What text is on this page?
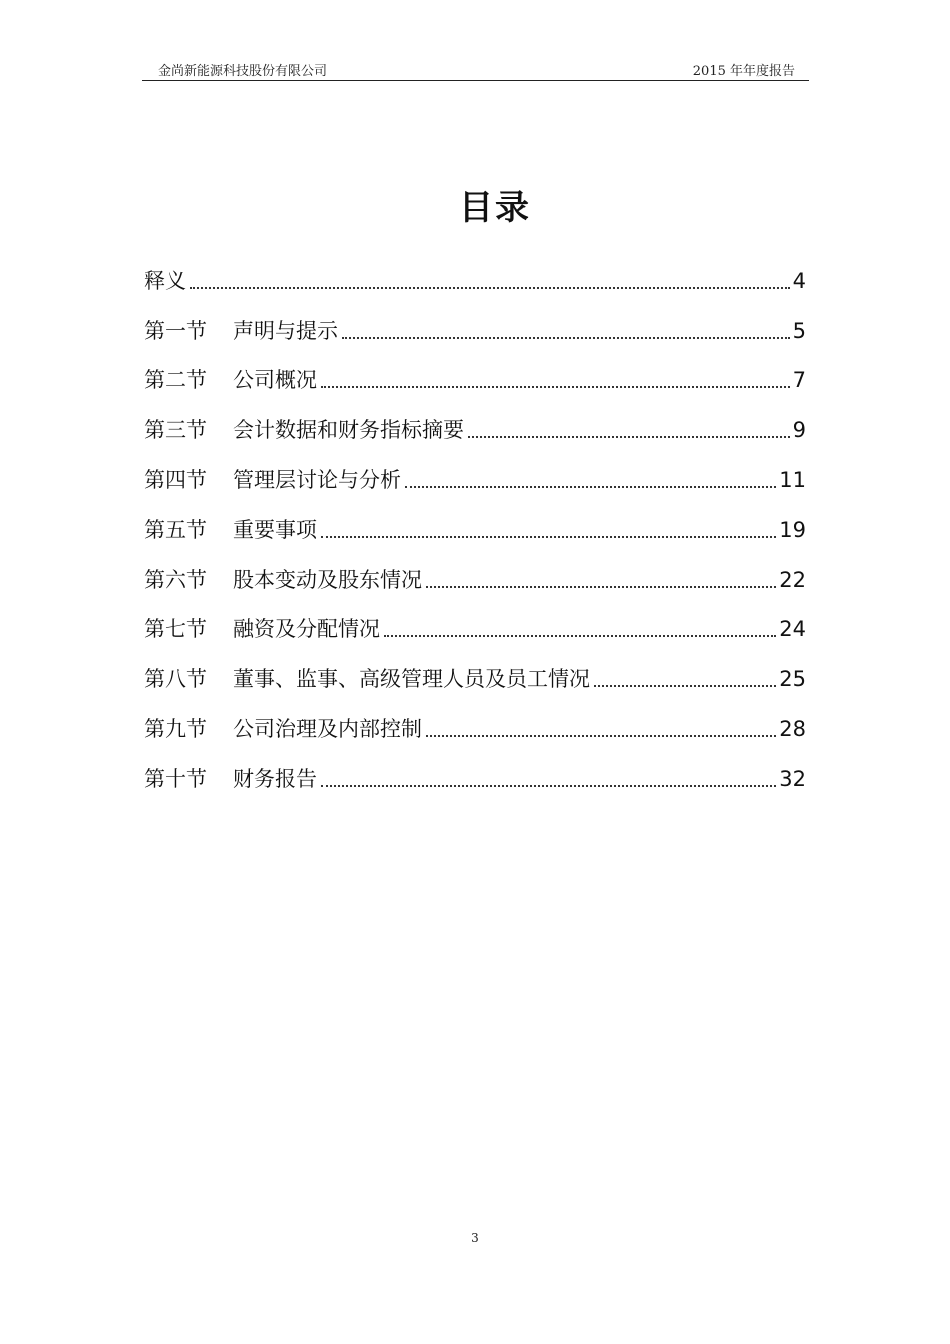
金尚新能源科技股份有限公司	2015 年年度报告
目录
释义	4
第一节	声明与提示	5
第二节	公司概况	7
第三节	会计数据和财务指标摘要	9
第四节	管理层讨论与分析	11
第五节	重要事项	19
第六节	股本变动及股东情况	22
第七节	融资及分配情况	24
第八节	董事、监事、高级管理人员及员工情况	25
第九节	公司治理及内部控制	28
第十节	财务报告	32
3
